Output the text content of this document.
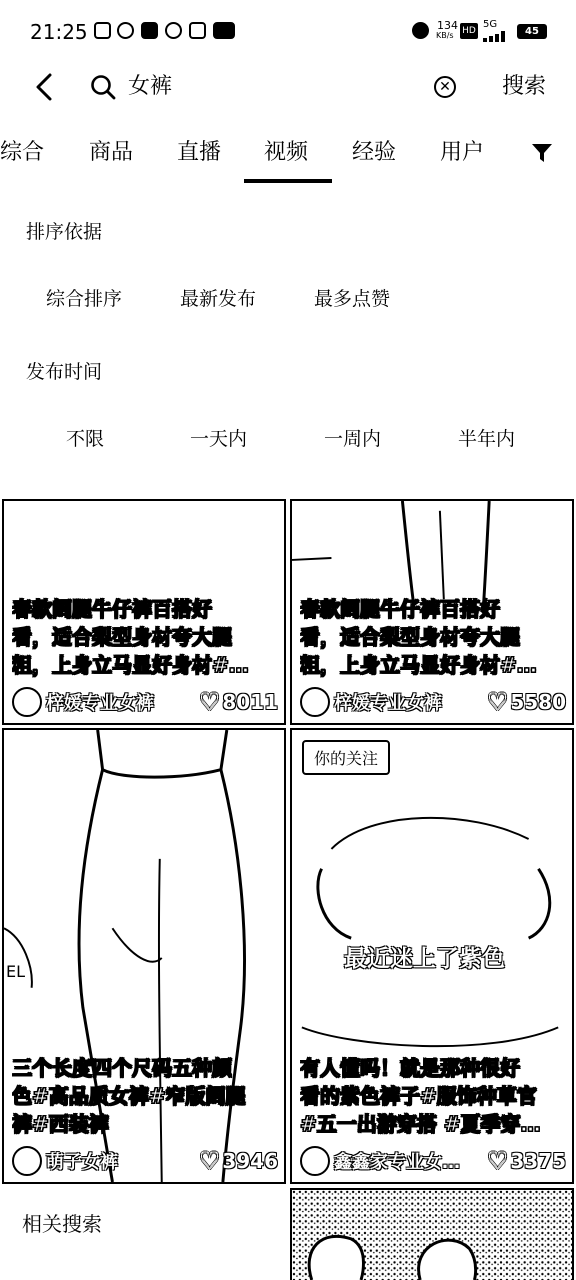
21:25	134
KB/s HD
5G
45
女裤	✕ 搜索
综合 商品 直播 视频 经验 用户
排序依据
综合排序	最新发布	最多点赞
发布时间
不限	一天内	一周内	半年内
春款阔腿牛仔裤百搭好
看，适合梨型身材夸大腿
粗，上身立马显好身材#…
梓媛专业女裤 ♡ 8011
春款阔腿牛仔裤百搭好
看，适合梨型身材夸大腿
粗，上身立马显好身材#…
梓媛专业女裤 ♡ 5580
EL
三个长度四个尺码五种颜
色#高品质女裤#窄版阔腿
裤#西装裤
萌子女裤	♡ 3946
你的关注
最近迷上了紫色
有人懂吗！就是那种很好
看的紫色裤子#服饰种草官
#五一出游穿搭 #夏季穿…
鑫鑫家专业女… ♡ 3375
相关搜索
